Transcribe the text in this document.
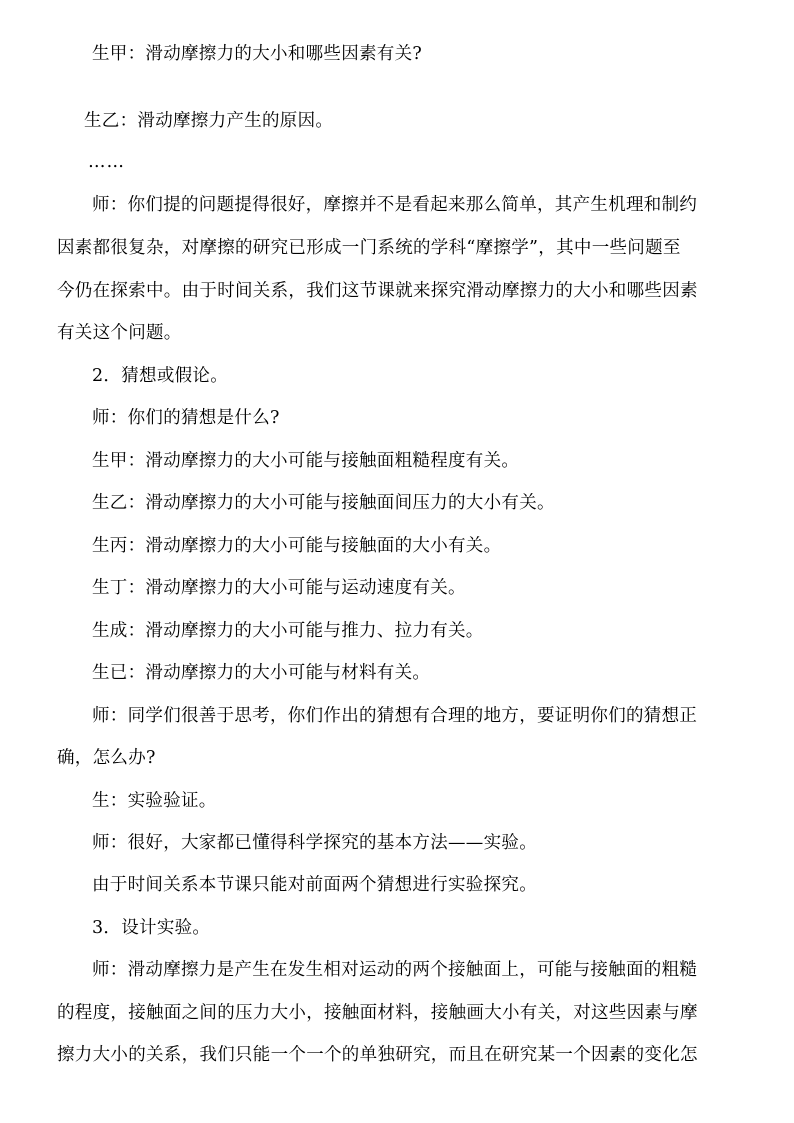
生甲：滑动摩擦力的大小和哪些因素有关?
生乙：滑动摩擦力产生的原因。
……
师：你们提的问题提得很好，摩擦并不是看起来那么简单，其产生机理和制约
因素都很复杂，对摩擦的研究已形成一门系统的学科“摩擦学”，其中一些问题至
今仍在探索中。由于时间关系，我们这节课就来探究滑动摩擦力的大小和哪些因素
有关这个问题。
2．猜想或假论。
师：你们的猜想是什么?
生甲：滑动摩擦力的大小可能与接触面粗糙程度有关。
生乙：滑动摩擦力的大小可能与接触面间压力的大小有关。
生丙：滑动摩擦力的大小可能与接触面的大小有关。
生丁：滑动摩擦力的大小可能与运动速度有关。
生成：滑动摩擦力的大小可能与推力、拉力有关。
生已：滑动摩擦力的大小可能与材料有关。
师：同学们很善于思考，你们作出的猜想有合理的地方，要证明你们的猜想正
确，怎么办?
生：实验验证。
师：很好，大家都已懂得科学探究的基本方法——实验。
由于时间关系本节课只能对前面两个猜想进行实验探究。
3．设计实验。
师：滑动摩擦力是产生在发生相对运动的两个接触面上，可能与接触面的粗糙
的程度，接触面之间的压力大小，接触面材料，接触画大小有关，对这些因素与摩
擦力大小的关系，我们只能一个一个的单独研究，而且在研究某一个因素的变化怎
